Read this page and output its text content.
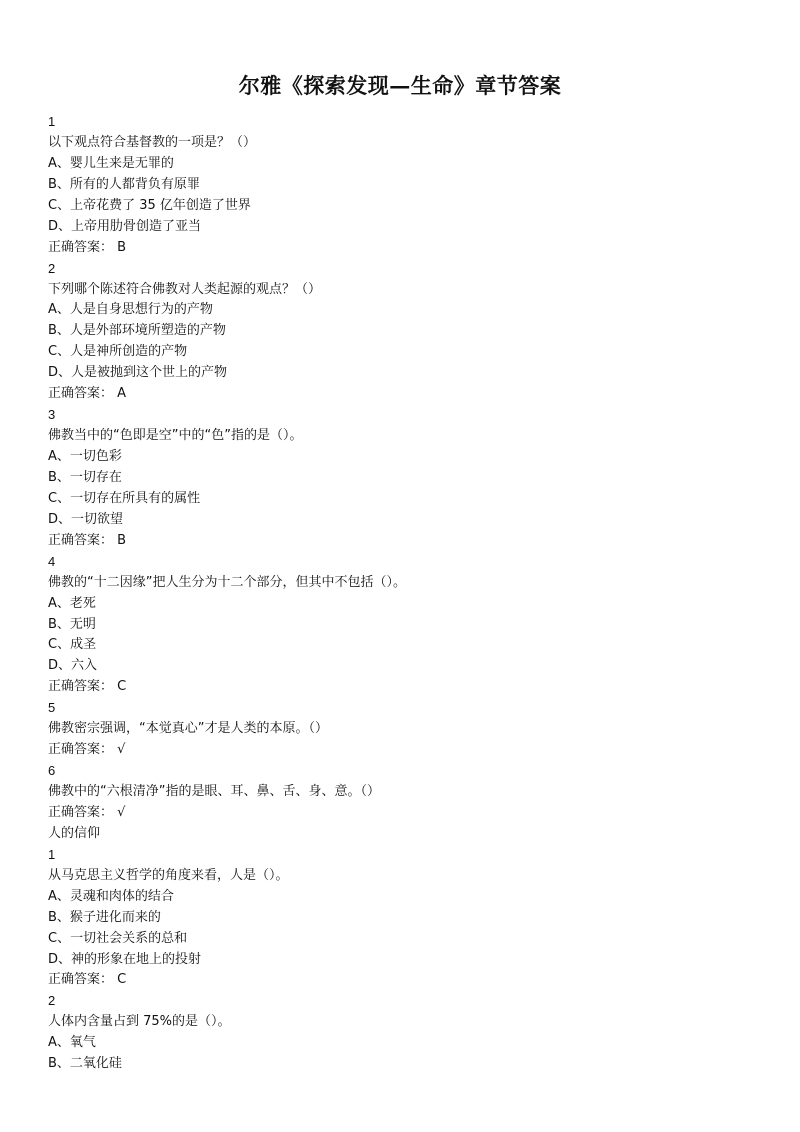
尔雅《探索发现—生命》章节答案
1
以下观点符合基督教的一项是？（）
A、婴儿生来是无罪的
B、所有的人都背负有原罪
C、上帝花费了 35 亿年创造了世界
D、上帝用肋骨创造了亚当
正确答案： B
2
下列哪个陈述符合佛教对人类起源的观点？（）
A、人是自身思想行为的产物
B、人是外部环境所塑造的产物
C、人是神所创造的产物
D、人是被抛到这个世上的产物
正确答案： A
3
佛教当中的“色即是空”中的“色”指的是（）。
A、一切色彩
B、一切存在
C、一切存在所具有的属性
D、一切欲望
正确答案： B
4
佛教的“十二因缘”把人生分为十二个部分，但其中不包括（）。
A、老死
B、无明
C、成圣
D、六入
正确答案： C
5
佛教密宗强调，“本觉真心”才是人类的本原。（）
正确答案： √
6
佛教中的“六根清净”指的是眼、耳、鼻、舌、身、意。（）
正确答案： √
人的信仰
1
从马克思主义哲学的角度来看，人是（）。
A、灵魂和肉体的结合
B、猴子进化而来的
C、一切社会关系的总和
D、神的形象在地上的投射
正确答案： C
2
人体内含量占到 75%的是（）。
A、氧气
B、二氧化硅
